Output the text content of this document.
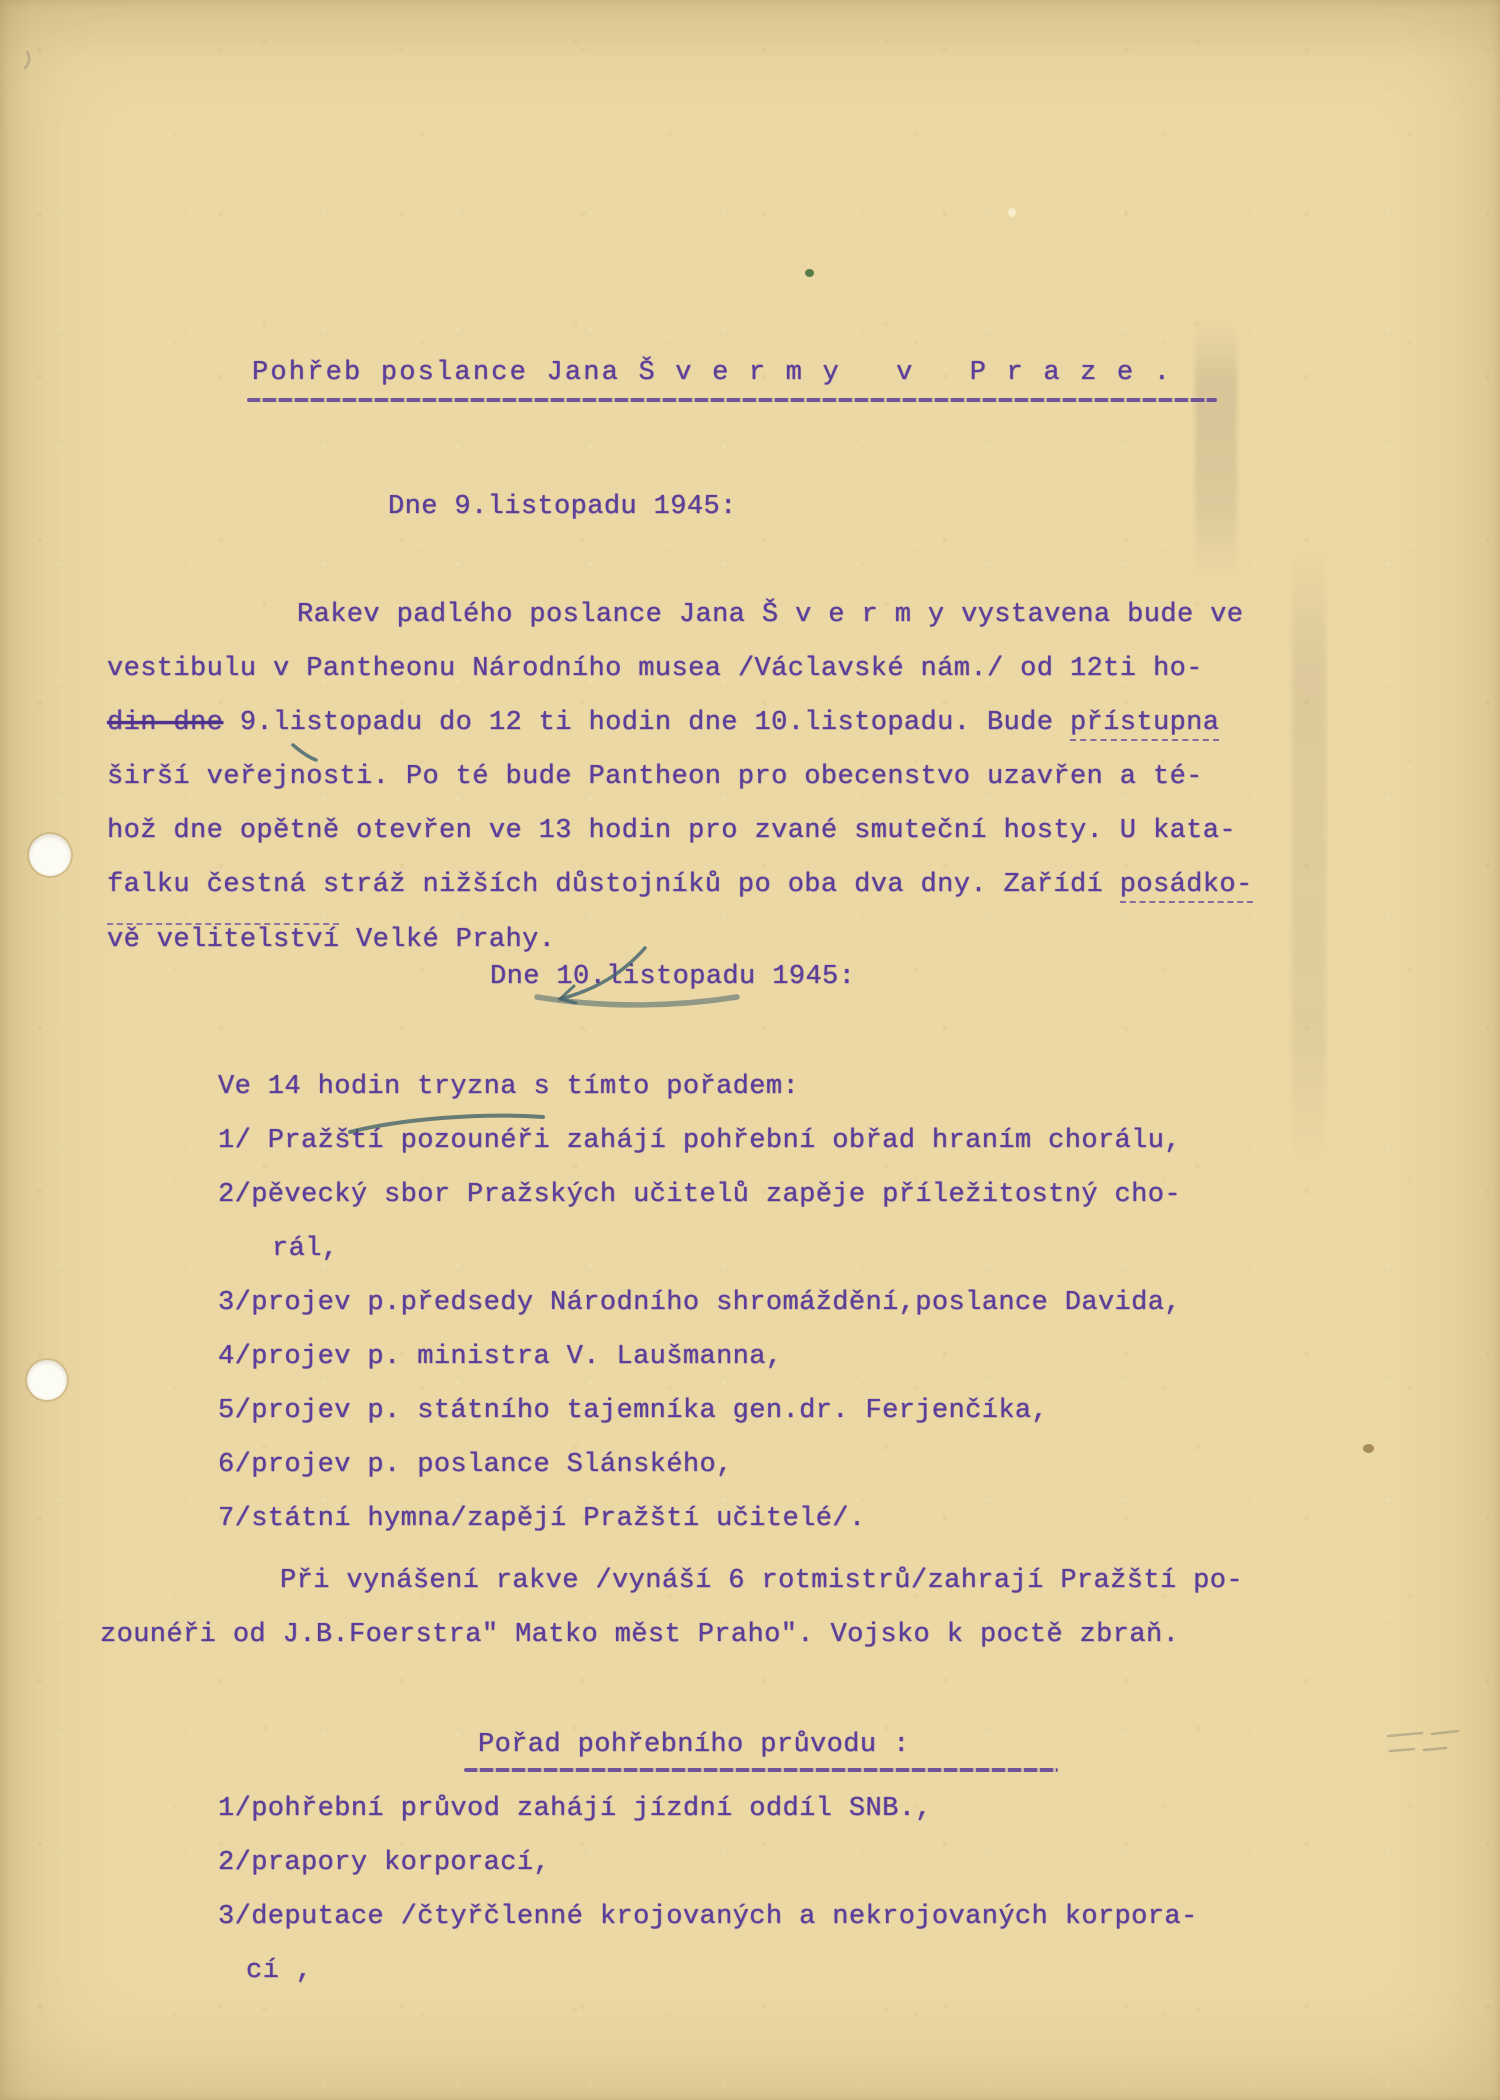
Pohřeb poslance Jana Š v e r m y   v   P r a z e .
Dne 9.listopadu 1945:
Rakev padlého poslance Jana Š v e r m y vystavena bude ve
vestibulu v Pantheonu Národního musea /Václavské nám./ od 12ti ho-
din dne 9.listopadu do 12 ti hodin dne 10.listopadu. Bude přístupna
širší veřejnosti. Po té bude Pantheon pro obecenstvo uzavřen a té-
hož dne opětně otevřen ve 13 hodin pro zvané smuteční hosty. U kata-
falku čestná stráž nižších důstojníků po oba dva dny. Zařídí posádko-
vě velitelství Velké Prahy.
Dne 10.listopadu 1945:
Ve 14 hodin tryzna s tímto pořadem:
1/ Pražští pozounéři zahájí pohřební obřad hraním chorálu,
2/pěvecký sbor Pražských učitelů zapěje příležitostný cho-
rál,
3/projev p.předsedy Národního shromáždění,poslance Davida,
4/projev p. ministra V. Laušmanna,
5/projev p. státního tajemníka gen.dr. Ferjenčíka,
6/projev p. poslance Slánského,
7/státní hymna/zapějí Pražští učitelé/.
Při vynášení rakve /vynáší 6 rotmistrů/zahrají Pražští po-
zounéři od J.B.Foerstra" Matko měst Praho". Vojsko k poctě zbraň.
Pořad pohřebního průvodu :
1/pohřební průvod zahájí jízdní oddíl SNB.,
2/prapory korporací,
3/deputace /čtyřčlenné krojovaných a nekrojovaných korpora-
cí ,
